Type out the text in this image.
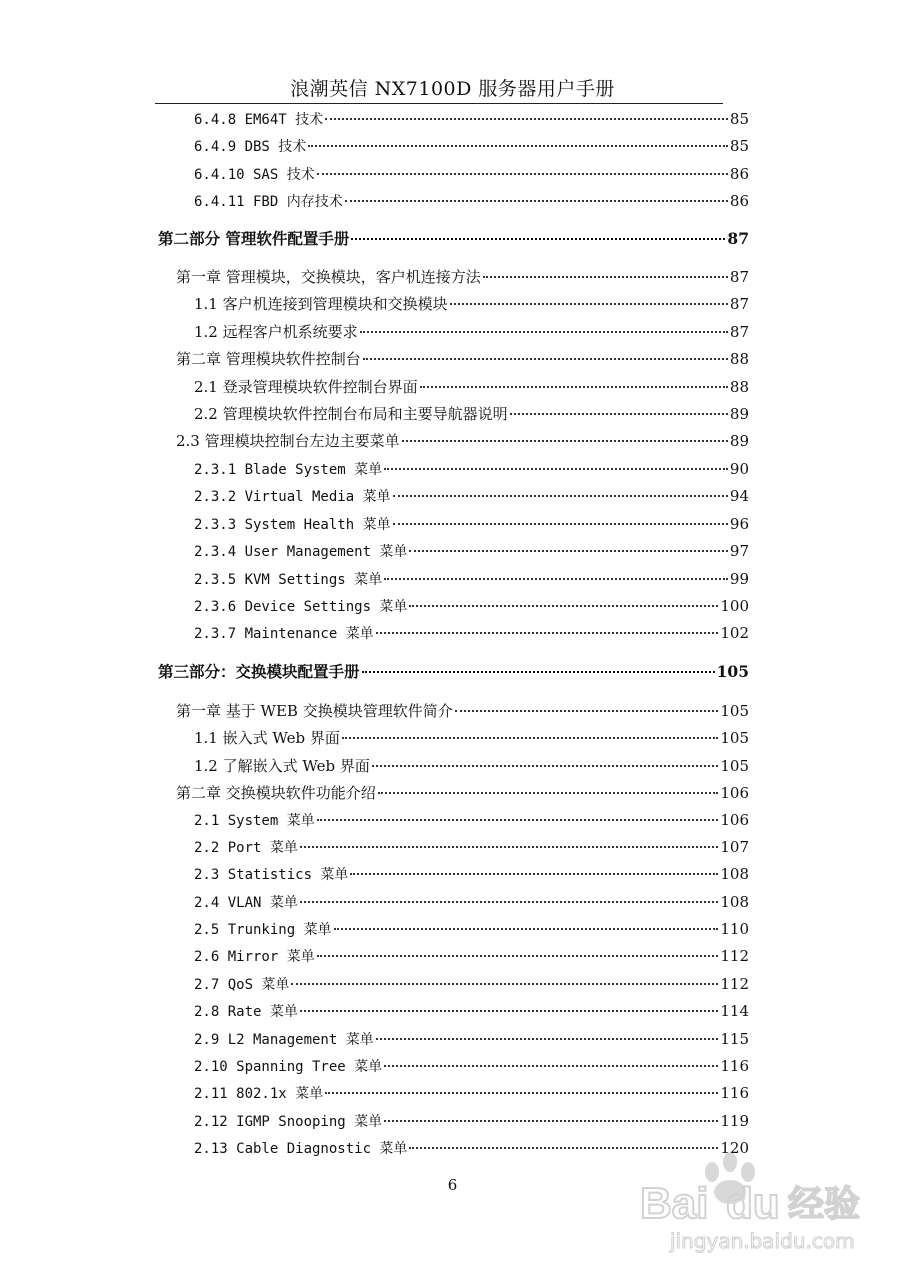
浪潮英信 NX7100D 服务器用户手册
6.4.8 EM64T 技术	85
6.4.9 DBS 技术	85
6.4.10 SAS 技术	86
6.4.11 FBD 内存技术	86
第二部分 管理软件配置手册	87
第一章 管理模块，交换模块，客户机连接方法	87
1.1 客户机连接到管理模块和交换模块	87
1.2 远程客户机系统要求	87
第二章 管理模块软件控制台	88
2.1 登录管理模块软件控制台界面	88
2.2 管理模块软件控制台布局和主要导航器说明	89
2.3 管理模块控制台左边主要菜单	89
2.3.1 Blade System 菜单	90
2.3.2 Virtual Media 菜单	94
2.3.3 System Health 菜单	96
2.3.4 User Management 菜单	97
2.3.5 KVM Settings 菜单	99
2.3.6 Device Settings 菜单	100
2.3.7 Maintenance 菜单	102
第三部分：交换模块配置手册	105
第一章 基于 WEB 交换模块管理软件简介	105
1.1 嵌入式 Web 界面	105
1.2 了解嵌入式 Web 界面	105
第二章 交换模块软件功能介绍	106
2.1 System 菜单	106
2.2 Port 菜单	107
2.3 Statistics 菜单	108
2.4 VLAN 菜单	108
2.5 Trunking 菜单	110
2.6 Mirror 菜单	112
2.7 QoS 菜单	112
2.8 Rate 菜单	114
2.9 L2 Management 菜单	115
2.10 Spanning Tree 菜单	116
2.11 802.1x 菜单	116
2.12 IGMP Snooping 菜单	119
2.13 Cable Diagnostic 菜单	120
6	Bai du 经验
jingyan.baidu.com
